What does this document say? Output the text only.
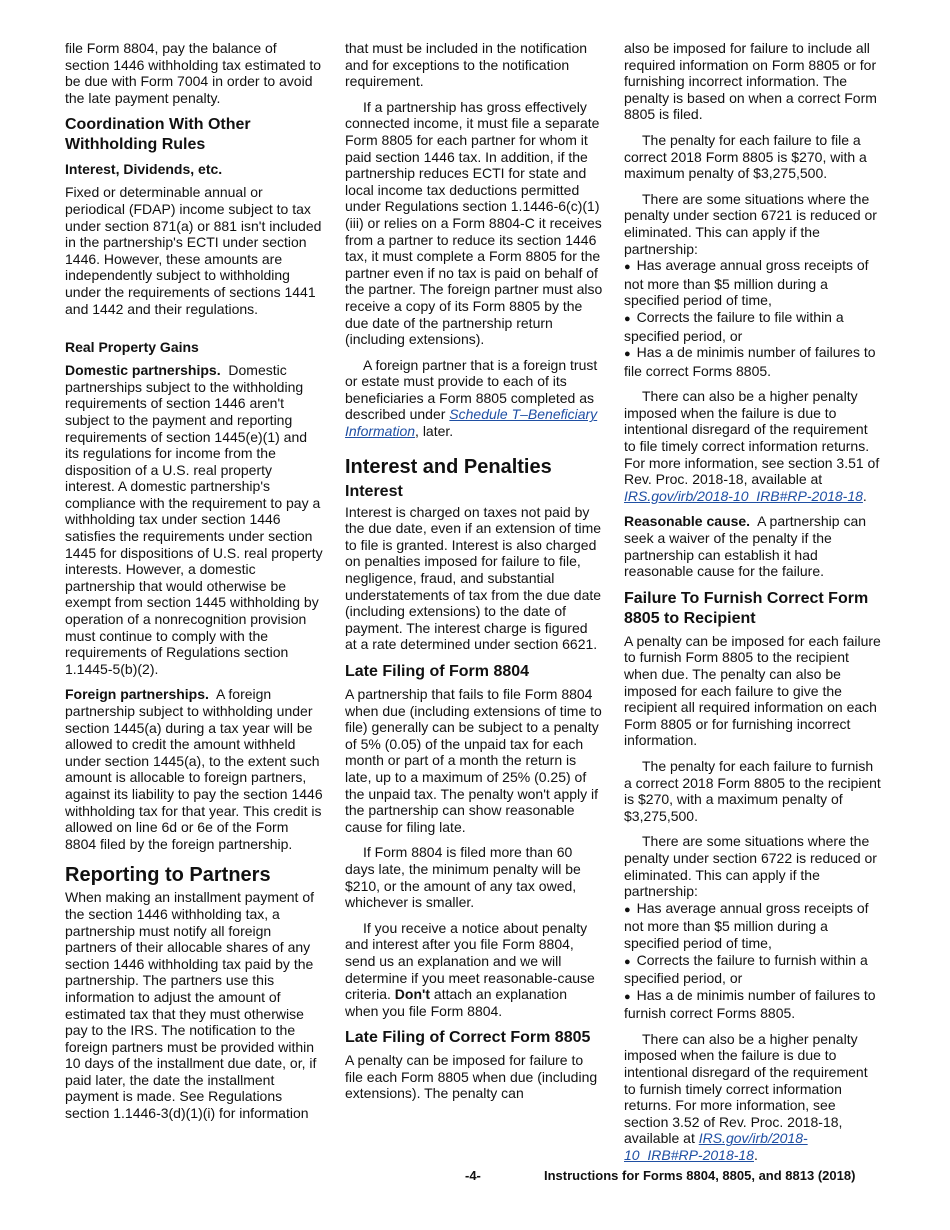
file Form 8804, pay the balance of section 1446 withholding tax estimated to be due with Form 7004 in order to avoid the late payment penalty.

Coordination With Other Withholding Rules
Interest, Dividends, etc.

Fixed or determinable annual or periodical (FDAP) income subject to tax under section 871(a) or 881 isn't included in the partnership's ECTI under section 1446. However, these amounts are independently subject to withholding under the requirements of sections 1441 and 1442 and their regulations.

Real Property Gains

Domestic partnerships. Domestic partnerships subject to the withholding requirements of section 1446 aren't subject to the payment and reporting requirements of section 1445(e)(1) and its regulations for income from the disposition of a U.S. real property interest. A domestic partnership's compliance with the requirement to pay a withholding tax under section 1446 satisfies the requirements under section 1445 for dispositions of U.S. real property interests. However, a domestic partnership that would otherwise be exempt from section 1445 withholding by operation of a nonrecognition provision must continue to comply with the requirements of Regulations section 1.1445-5(b)(2).

Foreign partnerships. A foreign partnership subject to withholding under section 1445(a) during a tax year will be allowed to credit the amount withheld under section 1445(a), to the extent such amount is allocable to foreign partners, against its liability to pay the section 1446 withholding tax for that year. This credit is allowed on line 6d or 6e of the Form 8804 filed by the foreign partnership.

Reporting to Partners

When making an installment payment of the section 1446 withholding tax, a partnership must notify all foreign partners of their allocable shares of any section 1446 withholding tax paid by the partnership. The partners use this information to adjust the amount of estimated tax that they must otherwise pay to the IRS. The notification to the foreign partners must be provided within 10 days of the installment due date, or, if paid later, the date the installment payment is made. See Regulations section 1.1446-3(d)(1)(i) for information

that must be included in the notification and for exceptions to the notification requirement.

If a partnership has gross effectively connected income, it must file a separate Form 8805 for each partner for whom it paid section 1446 tax. In addition, if the partnership reduces ECTI for state and local income tax deductions permitted under Regulations section 1.1446-6(c)(1)(iii) or relies on a Form 8804-C it receives from a partner to reduce its section 1446 tax, it must complete a Form 8805 for the partner even if no tax is paid on behalf of the partner. The foreign partner must also receive a copy of its Form 8805 by the due date of the partnership return (including extensions).

A foreign partner that is a foreign trust or estate must provide to each of its beneficiaries a Form 8805 completed as described under Schedule T–Beneficiary Information, later.

Interest and Penalties
Interest

Interest is charged on taxes not paid by the due date, even if an extension of time to file is granted. Interest is also charged on penalties imposed for failure to file, negligence, fraud, and substantial understatements of tax from the due date (including extensions) to the date of payment. The interest charge is figured at a rate determined under section 6621.

Late Filing of Form 8804

A partnership that fails to file Form 8804 when due (including extensions of time to file) generally can be subject to a penalty of 5% (0.05) of the unpaid tax for each month or part of a month the return is late, up to a maximum of 25% (0.25) of the unpaid tax. The penalty won't apply if the partnership can show reasonable cause for filing late.

If Form 8804 is filed more than 60 days late, the minimum penalty will be $210, or the amount of any tax owed, whichever is smaller.

If you receive a notice about penalty and interest after you file Form 8804, send us an explanation and we will determine if you meet reasonable-cause criteria. Don't attach an explanation when you file Form 8804.

Late Filing of Correct Form 8805

A penalty can be imposed for failure to file each Form 8805 when due (including extensions). The penalty can

also be imposed for failure to include all required information on Form 8805 or for furnishing incorrect information. The penalty is based on when a correct Form 8805 is filed.

The penalty for each failure to file a correct 2018 Form 8805 is $270, with a maximum penalty of $3,275,500.

There are some situations where the penalty under section 6721 is reduced or eliminated. This can apply if the partnership:

● Has average annual gross receipts of not more than $5 million during a specified period of time,
● Corrects the failure to file within a specified period, or
● Has a de minimis number of failures to file correct Forms 8805.

There can also be a higher penalty imposed when the failure is due to intentional disregard of the requirement to file timely correct information returns. For more information, see section 3.51 of Rev. Proc. 2018-18, available at IRS.gov/irb/2018-10_IRB#RP-2018-18.

Reasonable cause. A partnership can seek a waiver of the penalty if the partnership can establish it had reasonable cause for the failure.

Failure To Furnish Correct Form 8805 to Recipient

A penalty can be imposed for each failure to furnish Form 8805 to the recipient when due. The penalty can also be imposed for each failure to give the recipient all required information on each Form 8805 or for furnishing incorrect information.

The penalty for each failure to furnish a correct 2018 Form 8805 to the recipient is $270, with a maximum penalty of $3,275,500.

There are some situations where the penalty under section 6722 is reduced or eliminated. This can apply if the partnership:

● Has average annual gross receipts of not more than $5 million during a specified period of time,
● Corrects the failure to furnish within a specified period, or
● Has a de minimis number of failures to furnish correct Forms 8805.

There can also be a higher penalty imposed when the failure is due to intentional disregard of the requirement to furnish timely correct information returns. For more information, see section 3.52 of Rev. Proc. 2018-18, available at IRS.gov/irb/2018-10_IRB#RP-2018-18.

-4-	Instructions for Forms 8804, 8805, and 8813 (2018)
